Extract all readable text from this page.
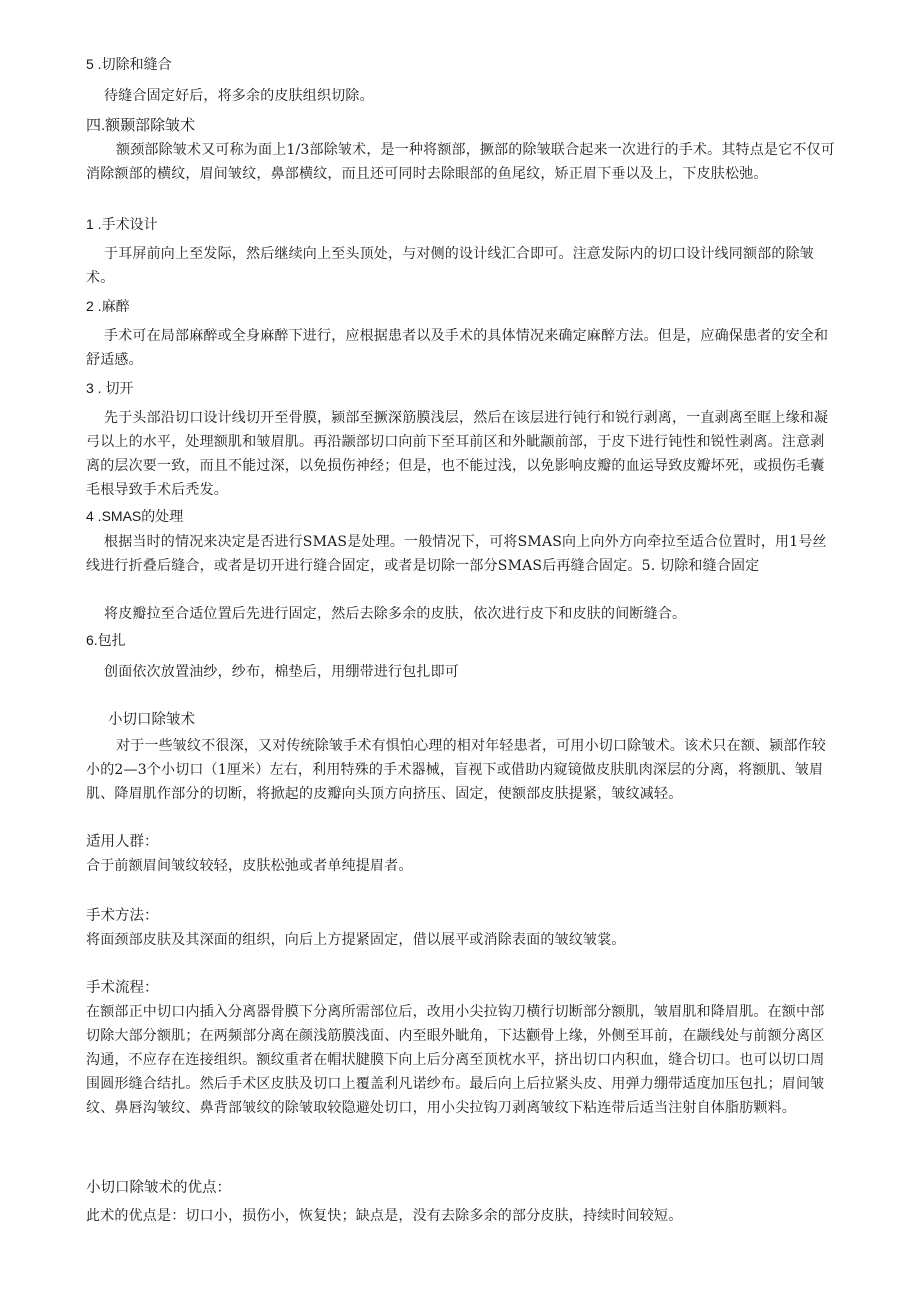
5 .切除和缝合
待缝合固定好后，将多余的皮肤组织切除。
四.额颞部除皱术
额颈部除皱术又可称为面上1/3部除皱术，是一种将额部，撅部的除皱联合起来一次进行的手术。其特点是它不仅可消除额部的横纹，眉间皱纹，鼻部横纹，而且还可同时去除眼部的鱼尾纹，矫正眉下垂以及上，下皮肤松弛。
1 .手术设计
于耳屏前向上至发际，然后继续向上至头顶处，与对侧的设计线汇合即可。注意发际内的切口设计线同额部的除皱术。
2 .麻醉
手术可在局部麻醉或全身麻醉下进行，应根据患者以及手术的具体情况来确定麻醉方法。但是，应确保患者的安全和舒适感。
3 . 切开
先于头部沿切口设计线切开至骨膜，颍部至撅深筋膜浅层，然后在该层进行钝行和锐行剥离，一直剥离至眶上缘和凝弓以上的水平，处理额肌和皱眉肌。再沿颛部切口向前下至耳前区和外眦颛前部，于皮下进行钝性和锐性剥离。注意剥离的层次要一致，而且不能过深，以免损伤神经；但是，也不能过浅，以免影响皮瓣的血运导致皮瓣坏死，或损伤毛囊毛根导致手术后秃发。
4 .SMAS的处理
根据当时的情况来决定是否进行SMAS是处理。一般情况下，可将SMAS向上向外方向牵拉至适合位置时，用1号丝线进行折叠后缝合，或者是切开进行缝合固定，或者是切除一部分SMAS后再缝合固定。5. 切除和缝合固定
将皮瓣拉至合适位置后先进行固定，然后去除多余的皮肤，依次进行皮下和皮肤的间断缝合。
6.包扎
创面依次放置油纱，纱布，棉垫后，用绷带进行包扎即可
小切口除皱术
对于一些皱纹不很深，又对传统除皱手术有惧怕心理的相对年轻患者，可用小切口除皱术。该术只在额、颍部作较小的2—3个小切口（1厘米）左右，利用特殊的手术器械，盲视下或借助内窥镜做皮肤肌肉深层的分离，将额肌、皱眉肌、降眉肌作部分的切断，将掀起的皮瓣向头顶方向挤压、固定，使额部皮肤提紧，皱纹减轻。
适用人群：
合于前额眉间皱纹较轻，皮肤松弛或者单纯提眉者。
手术方法：
将面颈部皮肤及其深面的组织，向后上方提紧固定，借以展平或消除表面的皱纹皱裳。
手术流程：
在额部正中切口内插入分离器骨膜下分离所需部位后，改用小尖拉钩刀横行切断部分额肌，皱眉肌和降眉肌。在额中部切除大部分额肌；在两频部分离在颜浅筋膜浅面、内至眼外眦角，下达颧骨上缘，外侧至耳前，在颛线处与前额分离区沟通，不应存在连接组织。额纹重者在帽状腱膜下向上后分离至顶枕水平，挤出切口内积血，缝合切口。也可以切口周围圆形缝合结扎。然后手术区皮肤及切口上覆盖利凡诺纱布。最后向上后拉紧头皮、用弹力绷带适度加压包扎；眉间皱纹、鼻唇沟皱纹、鼻背部皱纹的除皱取较隐避处切口，用小尖拉钩刀剥离皱纹下粘连带后适当注射自体脂肪颗料。
小切口除皱术的优点：
此术的优点是：切口小，损伤小，恢复快；缺点是，没有去除多余的部分皮肤，持续时间较短。
